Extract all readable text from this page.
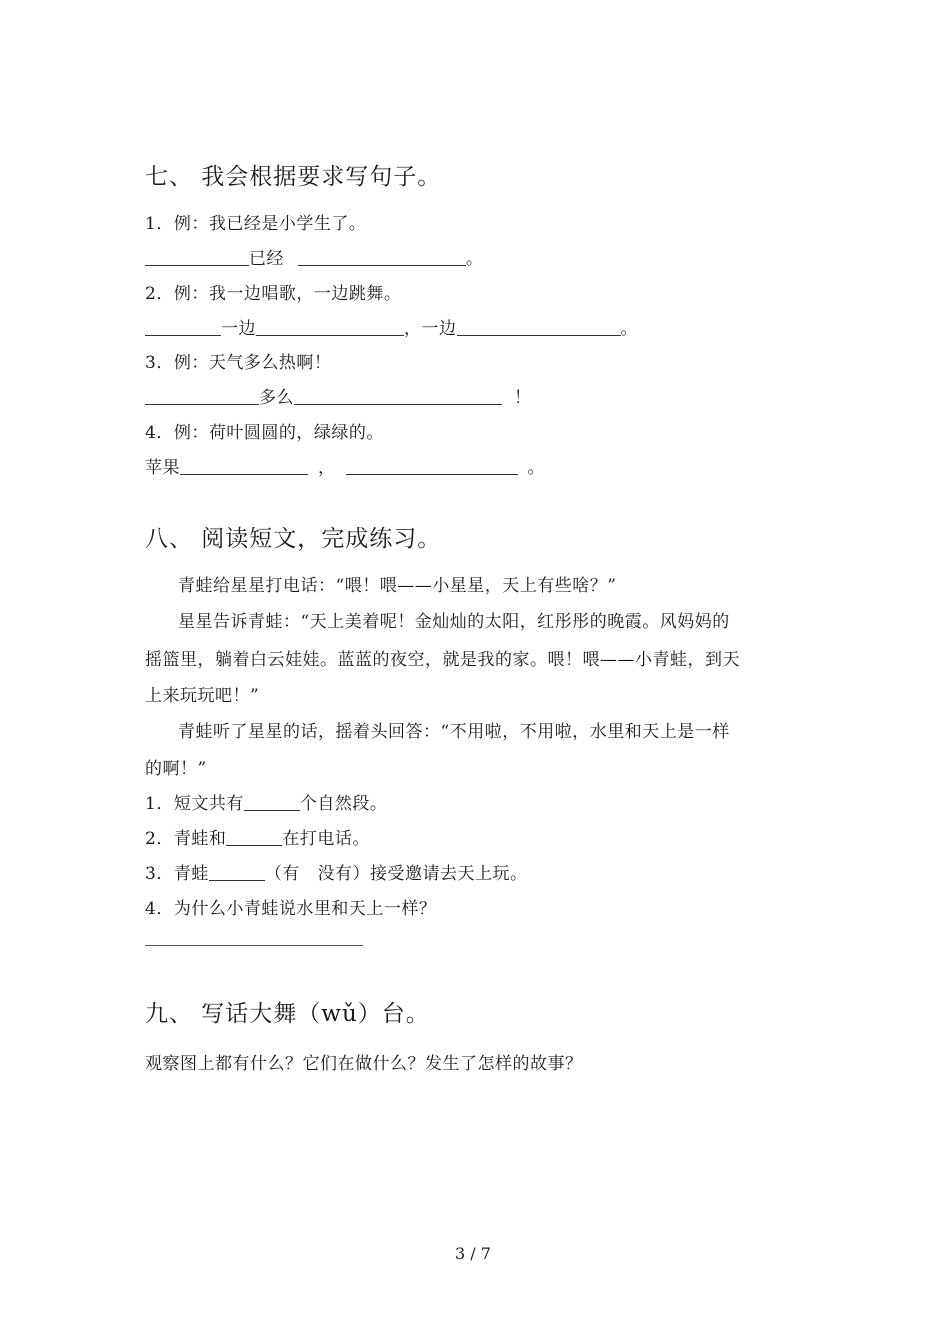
七、 我会根据要求写句子。
1．例：我已经是小学生了。
已经	。
2．例：我一边唱歌，一边跳舞。
一边	，一边	。
3．例：天气多么热啊！
多么	！
4．例：荷叶圆圆的，绿绿的。
苹果	，	。
八、 阅读短文，完成练习。
青蛙给星星打电话：“喂！喂——小星星，天上有些啥？”
星星告诉青蛙：“天上美着呢！金灿灿的太阳，红彤彤的晚霞。风妈妈的
摇篮里，躺着白云娃娃。蓝蓝的夜空，就是我的家。喂！喂——小青蛙，到天
上来玩玩吧！”
青蛙听了星星的话，摇着头回答：“不用啦，不用啦，水里和天上是一样
的啊！”
1．短文共有	个自然段。
2．青蛙和	在打电话。
3．青蛙	（有   没有）接受邀请去天上玩。
4．为什么小青蛙说水里和天上一样？
九、 写话大舞（wǔ）台。
观察图上都有什么？它们在做什么？发生了怎样的故事？
3 / 7
